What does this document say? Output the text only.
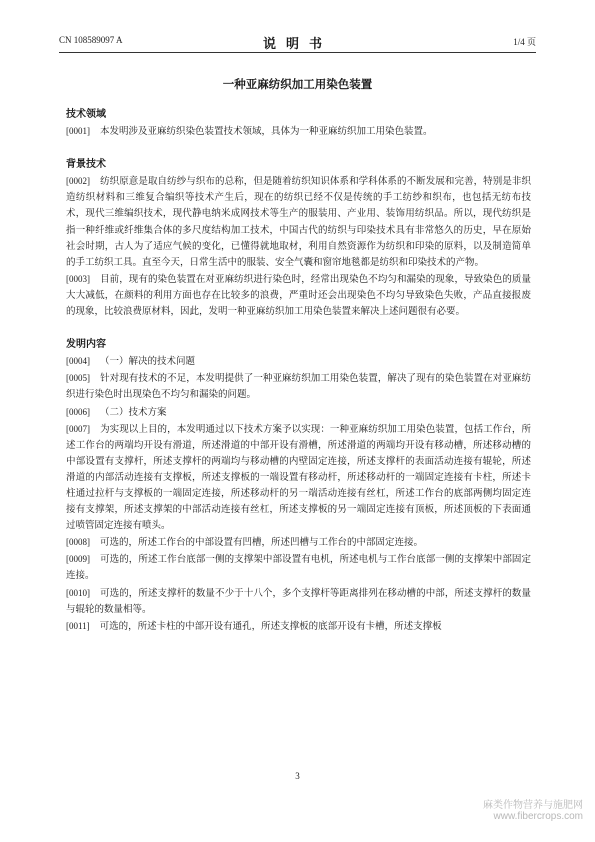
CN 108589097 A	说明书	1/4 页
一种亚麻纺织加工用染色装置

技术领域

[0001] 本发明涉及亚麻纺织染色装置技术领域，具体为一种亚麻纺织加工用染色装置。

背景技术

[0002] 纺织原意是取自纺纱与织布的总称，但是随着纺织知识体系和学科体系的不断发展和完善，特别是非织造纺织材料和三维复合编织等技术产生后，现在的纺织已经不仅是传统的手工纺纱和织布，也包括无纺布技术，现代三维编织技术，现代静电纳米成网技术等生产的服装用、产业用、装饰用纺织品。所以，现代纺织是指一种纤维或纤维集合体的多尺度结构加工技术，中国古代的纺织与印染技术具有非常悠久的历史，早在原始社会时期，古人为了适应气候的变化，已懂得就地取材，利用自然资源作为纺织和印染的原料，以及制造简单的手工纺织工具。直至今天，日常生活中的服装、安全气囊和窗帘地毯都是纺织和印染技术的产物。

[0003] 目前，现有的染色装置在对亚麻纺织进行染色时，经常出现染色不均匀和漏染的现象，导致染色的质量大大减低，在颜料的利用方面也存在比较多的浪费，严重时还会出现染色不均匀导致染色失败，产品直接报废的现象，比较浪费原材料，因此，发明一种亚麻纺织加工用染色装置来解决上述问题很有必要。

发明内容

[0004] （一）解决的技术问题

[0005] 针对现有技术的不足，本发明提供了一种亚麻纺织加工用染色装置，解决了现有的染色装置在对亚麻纺织进行染色时出现染色不均匀和漏染的问题。

[0006] （二）技术方案

[0007] 为实现以上目的，本发明通过以下技术方案予以实现：一种亚麻纺织加工用染色装置，包括工作台，所述工作台的两端均开设有滑道，所述滑道的中部开设有滑槽，所述滑道的两端均开设有移动槽，所述移动槽的中部设置有支撑杆，所述支撑杆的两端均与移动槽的内壁固定连接，所述支撑杆的表面活动连接有辊轮，所述滑道的内部活动连接有支撑板，所述支撑板的一端设置有移动杆，所述移动杆的一端固定连接有卡柱，所述卡柱通过拉杆与支撑板的一端固定连接，所述移动杆的另一端活动连接有丝杠，所述工作台的底部两侧均固定连接有支撑架，所述支撑架的中部活动连接有丝杠，所述支撑板的另一端固定连接有顶板，所述顶板的下表面通过喷管固定连接有喷头。

[0008] 可选的，所述工作台的中部设置有凹槽，所述凹槽与工作台的中部固定连接。

[0009] 可选的，所述工作台底部一侧的支撑架中部设置有电机，所述电机与工作台底部一侧的支撑架中部固定连接。

[0010] 可选的，所述支撑杆的数量不少于十八个，多个支撑杆等距离排列在移动槽的中部，所述支撑杆的数量与辊轮的数量相等。

[0011] 可选的，所述卡柱的中部开设有通孔，所述支撑板的底部开设有卡槽，所述支撑板

3
麻类作物营养与施肥网
www.fibercrops.com
